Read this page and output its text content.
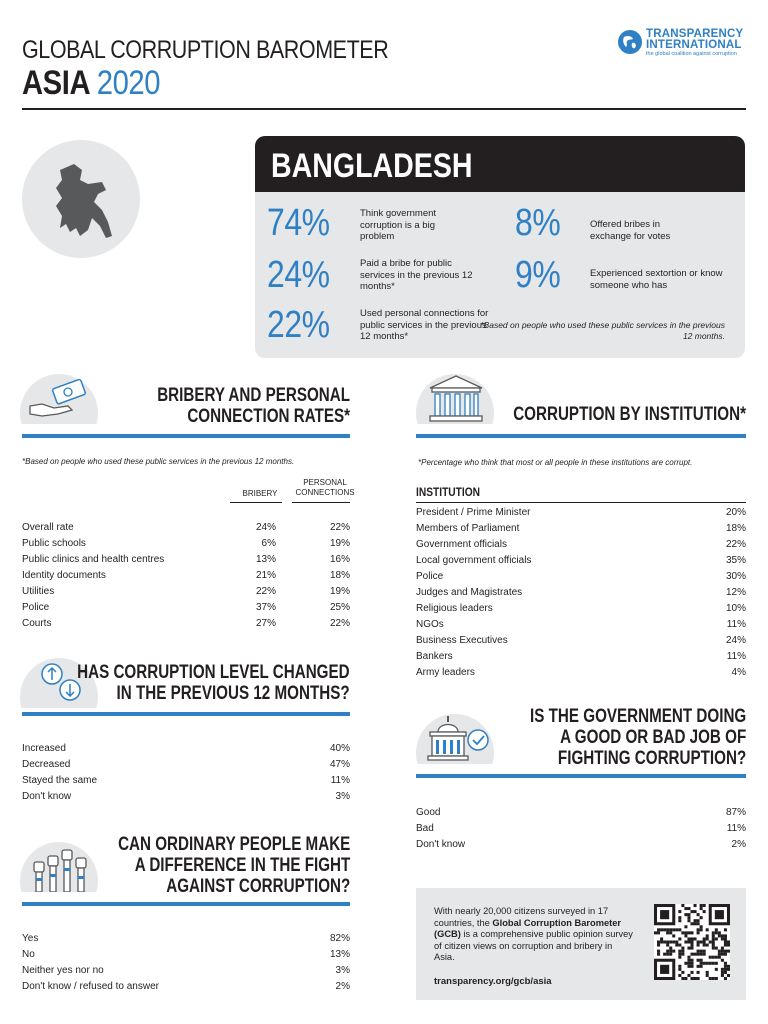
GLOBAL CORRUPTION BAROMETER
ASIA 2020
TRANSPARENCY
INTERNATIONAL
the global coalition against corruption
BANGLADESH
74%	Think government corruption is a big problem
24%	Paid a bribe for public services in the previous 12 months*
22%	Used personal connections for public services in the previous 12 months*
8%	Offered bribes in exchange for votes
9%	Experienced sextortion or know someone who has
*Based on people who used these public services in the previous 12 months.
BRIBERY AND PERSONAL
CONNECTION RATES*
*Based on people who used these public services in the previous 12 months.
BRIBERY
PERSONAL
CONNECTIONS
Overall rate	24%	22%
Public schools	6%	19%
Public clinics and health centres	13%	16%
Identity documents	21%	18%
Utilities	22%	19%
Police	37%	25%
Courts	27%	22%
HAS CORRUPTION LEVEL CHANGED
IN THE PREVIOUS 12 MONTHS?
Increased	40%
Decreased	47%
Stayed the same	11%
Don't know	3%
CAN ORDINARY PEOPLE MAKE
A DIFFERENCE IN THE FIGHT
AGAINST CORRUPTION?
Yes	82%
No	13%
Neither yes nor no	3%
Don't know / refused to answer	2%
CORRUPTION BY INSTITUTION*
*Percentage who think that most or all people in these institutions are corrupt.
INSTITUTION
President / Prime Minister	20%
Members of Parliament	18%
Government officials	22%
Local government officials	35%
Police	30%
Judges and Magistrates	12%
Religious leaders	10%
NGOs	11%
Business Executives	24%
Bankers	11%
Army leaders	4%
IS THE GOVERNMENT DOING
A GOOD OR BAD JOB OF
FIGHTING CORRUPTION?
Good	87%
Bad	11%
Don't know	2%
With nearly 20,000 citizens surveyed in 17 countries, the Global Corruption Barometer (GCB) is a comprehensive public opinion survey of citizen views on corruption and bribery in Asia.
transparency.org/gcb/asia
